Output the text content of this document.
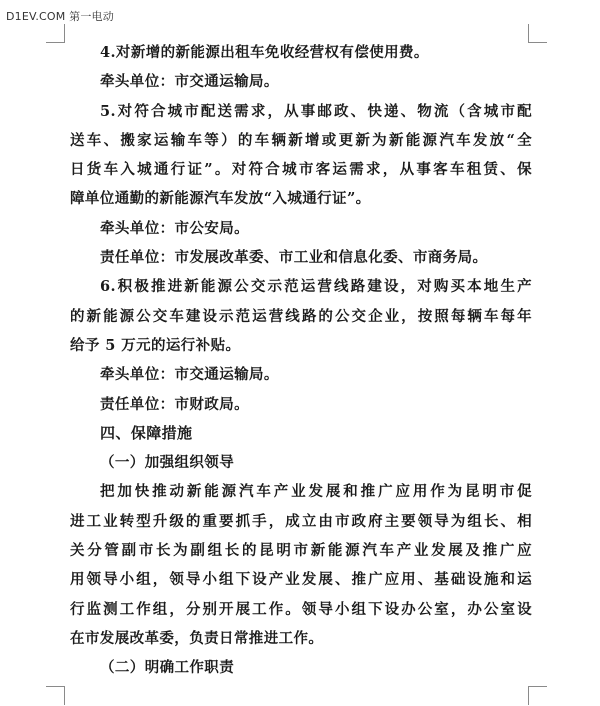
D1EV.COM 第一电动
4.对新增的新能源出租车免收经营权有偿使用费。
牵头单位：市交通运输局。
5.对符合城市配送需求，从事邮政、快递、物流（含城市配
送车、搬家运输车等）的车辆新增或更新为新能源汽车发放“全
日货车入城通行证”。对符合城市客运需求，从事客车租赁、保
障单位通勤的新能源汽车发放“入城通行证”。
牵头单位：市公安局。
责任单位：市发展改革委、市工业和信息化委、市商务局。
6.积极推进新能源公交示范运营线路建设，对购买本地生产
的新能源公交车建设示范运营线路的公交企业，按照每辆车每年
给予 5 万元的运行补贴。
牵头单位：市交通运输局。
责任单位：市财政局。
四、保障措施
（一）加强组织领导
把加快推动新能源汽车产业发展和推广应用作为昆明市促
进工业转型升级的重要抓手，成立由市政府主要领导为组长、相
关分管副市长为副组长的昆明市新能源汽车产业发展及推广应
用领导小组，领导小组下设产业发展、推广应用、基础设施和运
行监测工作组，分别开展工作。领导小组下设办公室，办公室设
在市发展改革委，负责日常推进工作。
（二）明确工作职责
